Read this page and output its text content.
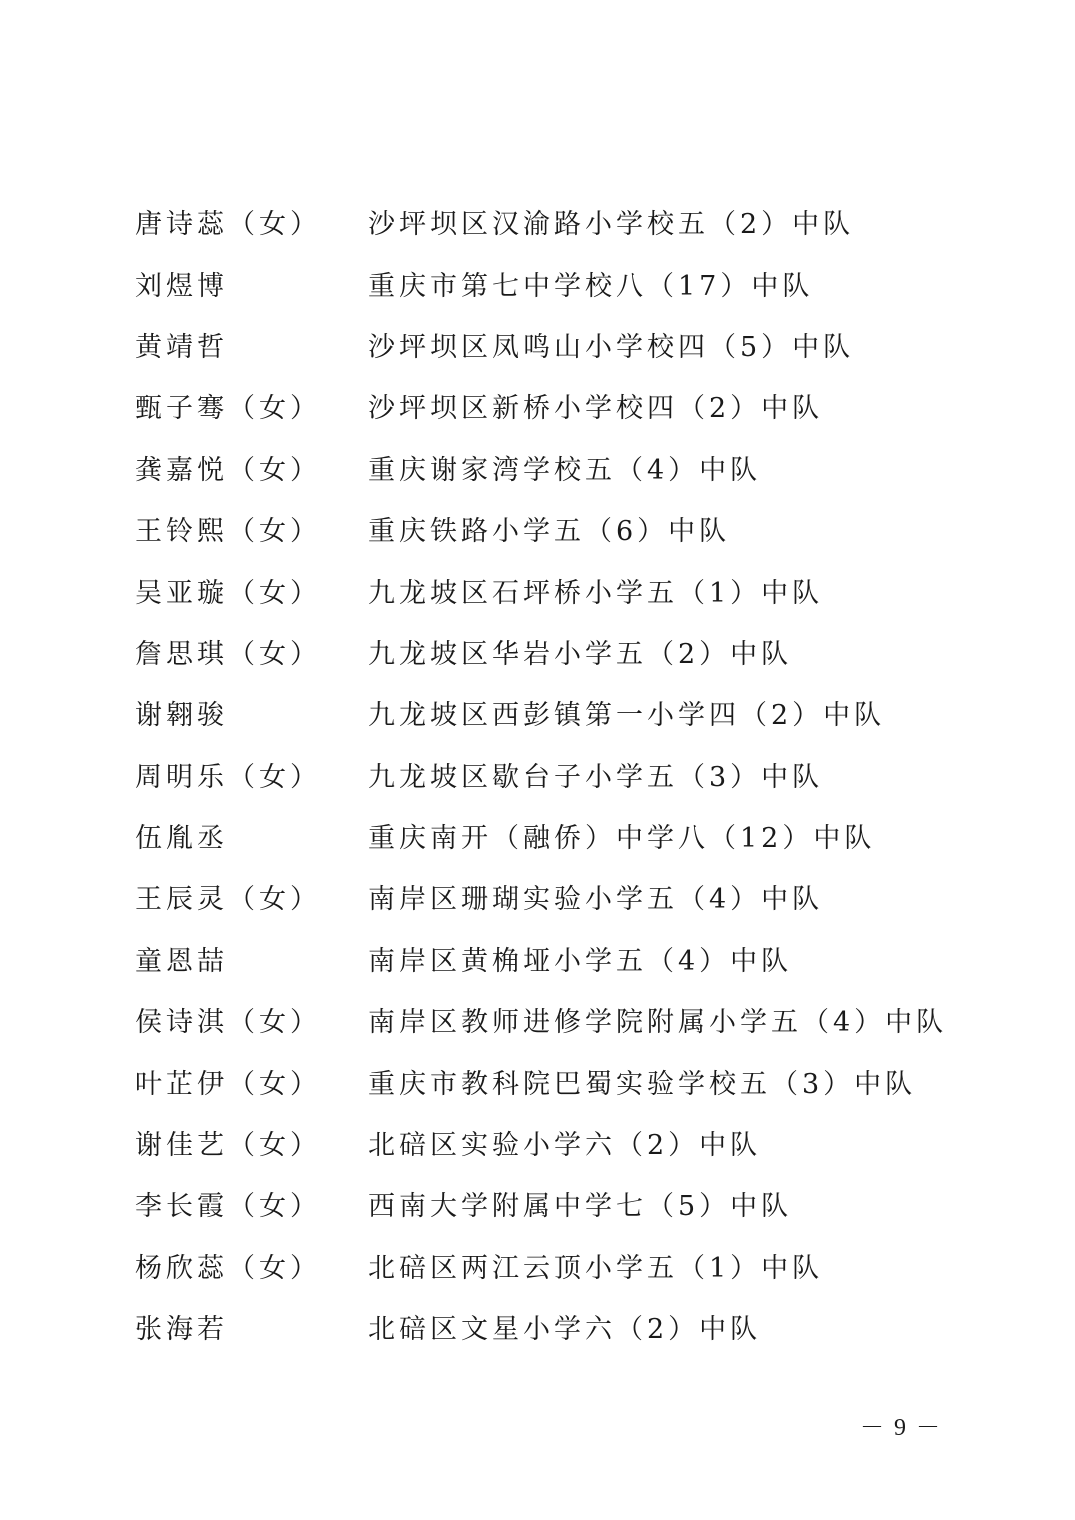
唐诗蕊（女）	沙坪坝区汉渝路小学校五（2）中队
刘煜博	重庆市第七中学校八（17）中队
黄靖哲	沙坪坝区凤鸣山小学校四（5）中队
甄子骞（女）	沙坪坝区新桥小学校四（2）中队
龚嘉悦（女）	重庆谢家湾学校五（4）中队
王铃熙（女）	重庆铁路小学五（6）中队
吴亚璇（女）	九龙坡区石坪桥小学五（1）中队
詹思琪（女）	九龙坡区华岩小学五（2）中队
谢翱骏	九龙坡区西彭镇第一小学四（2）中队
周明乐（女）	九龙坡区歇台子小学五（3）中队
伍胤丞	重庆南开（融侨）中学八（12）中队
王辰灵（女）	南岸区珊瑚实验小学五（4）中队
童恩喆	南岸区黄桷垭小学五（4）中队
侯诗淇（女）	南岸区教师进修学院附属小学五（4）中队
叶芷伊（女）	重庆市教科院巴蜀实验学校五（3）中队
谢佳艺（女）	北碚区实验小学六（2）中队
李长霞（女）	西南大学附属中学七（5）中队
杨欣蕊（女）	北碚区两江云顶小学五（1）中队
张海若	北碚区文星小学六（2）中队
－ 9 －
